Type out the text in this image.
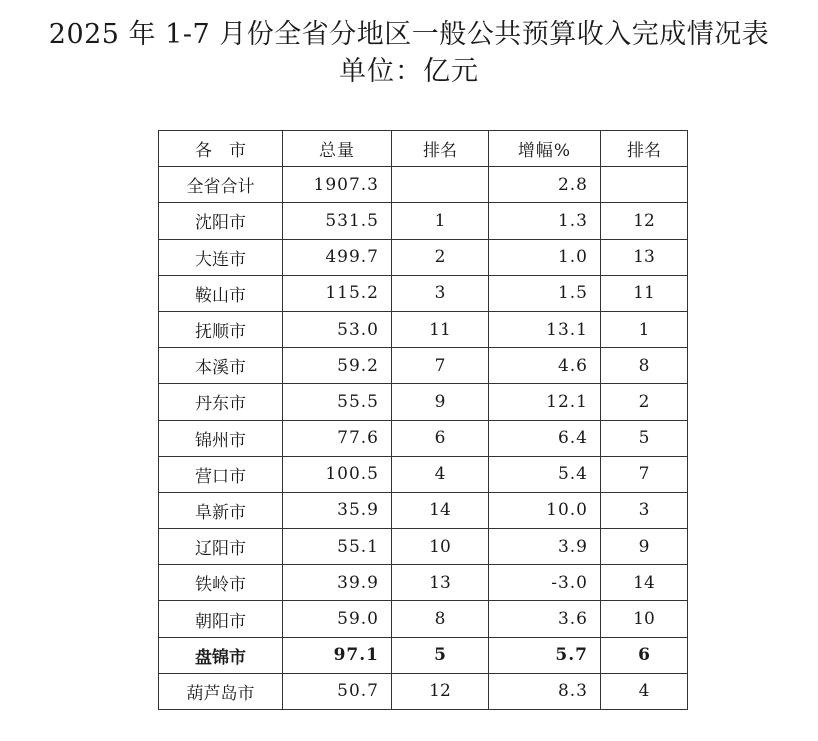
2025 年 1-7 月份全省分地区一般公共预算收入完成情况表
单位：亿元
各　市	总量	排名	增幅%	排名
全省合计	1907.3		2.8	
沈阳市	531.5	1	1.3	12
大连市	499.7	2	1.0	13
鞍山市	115.2	3	1.5	11
抚顺市	53.0	11	13.1	1
本溪市	59.2	7	4.6	8
丹东市	55.5	9	12.1	2
锦州市	77.6	6	6.4	5
营口市	100.5	4	5.4	7
阜新市	35.9	14	10.0	3
辽阳市	55.1	10	3.9	9
铁岭市	39.9	13	-3.0	14
朝阳市	59.0	8	3.6	10
盘锦市	97.1	5	5.7	6
葫芦岛市	50.7	12	8.3	4
